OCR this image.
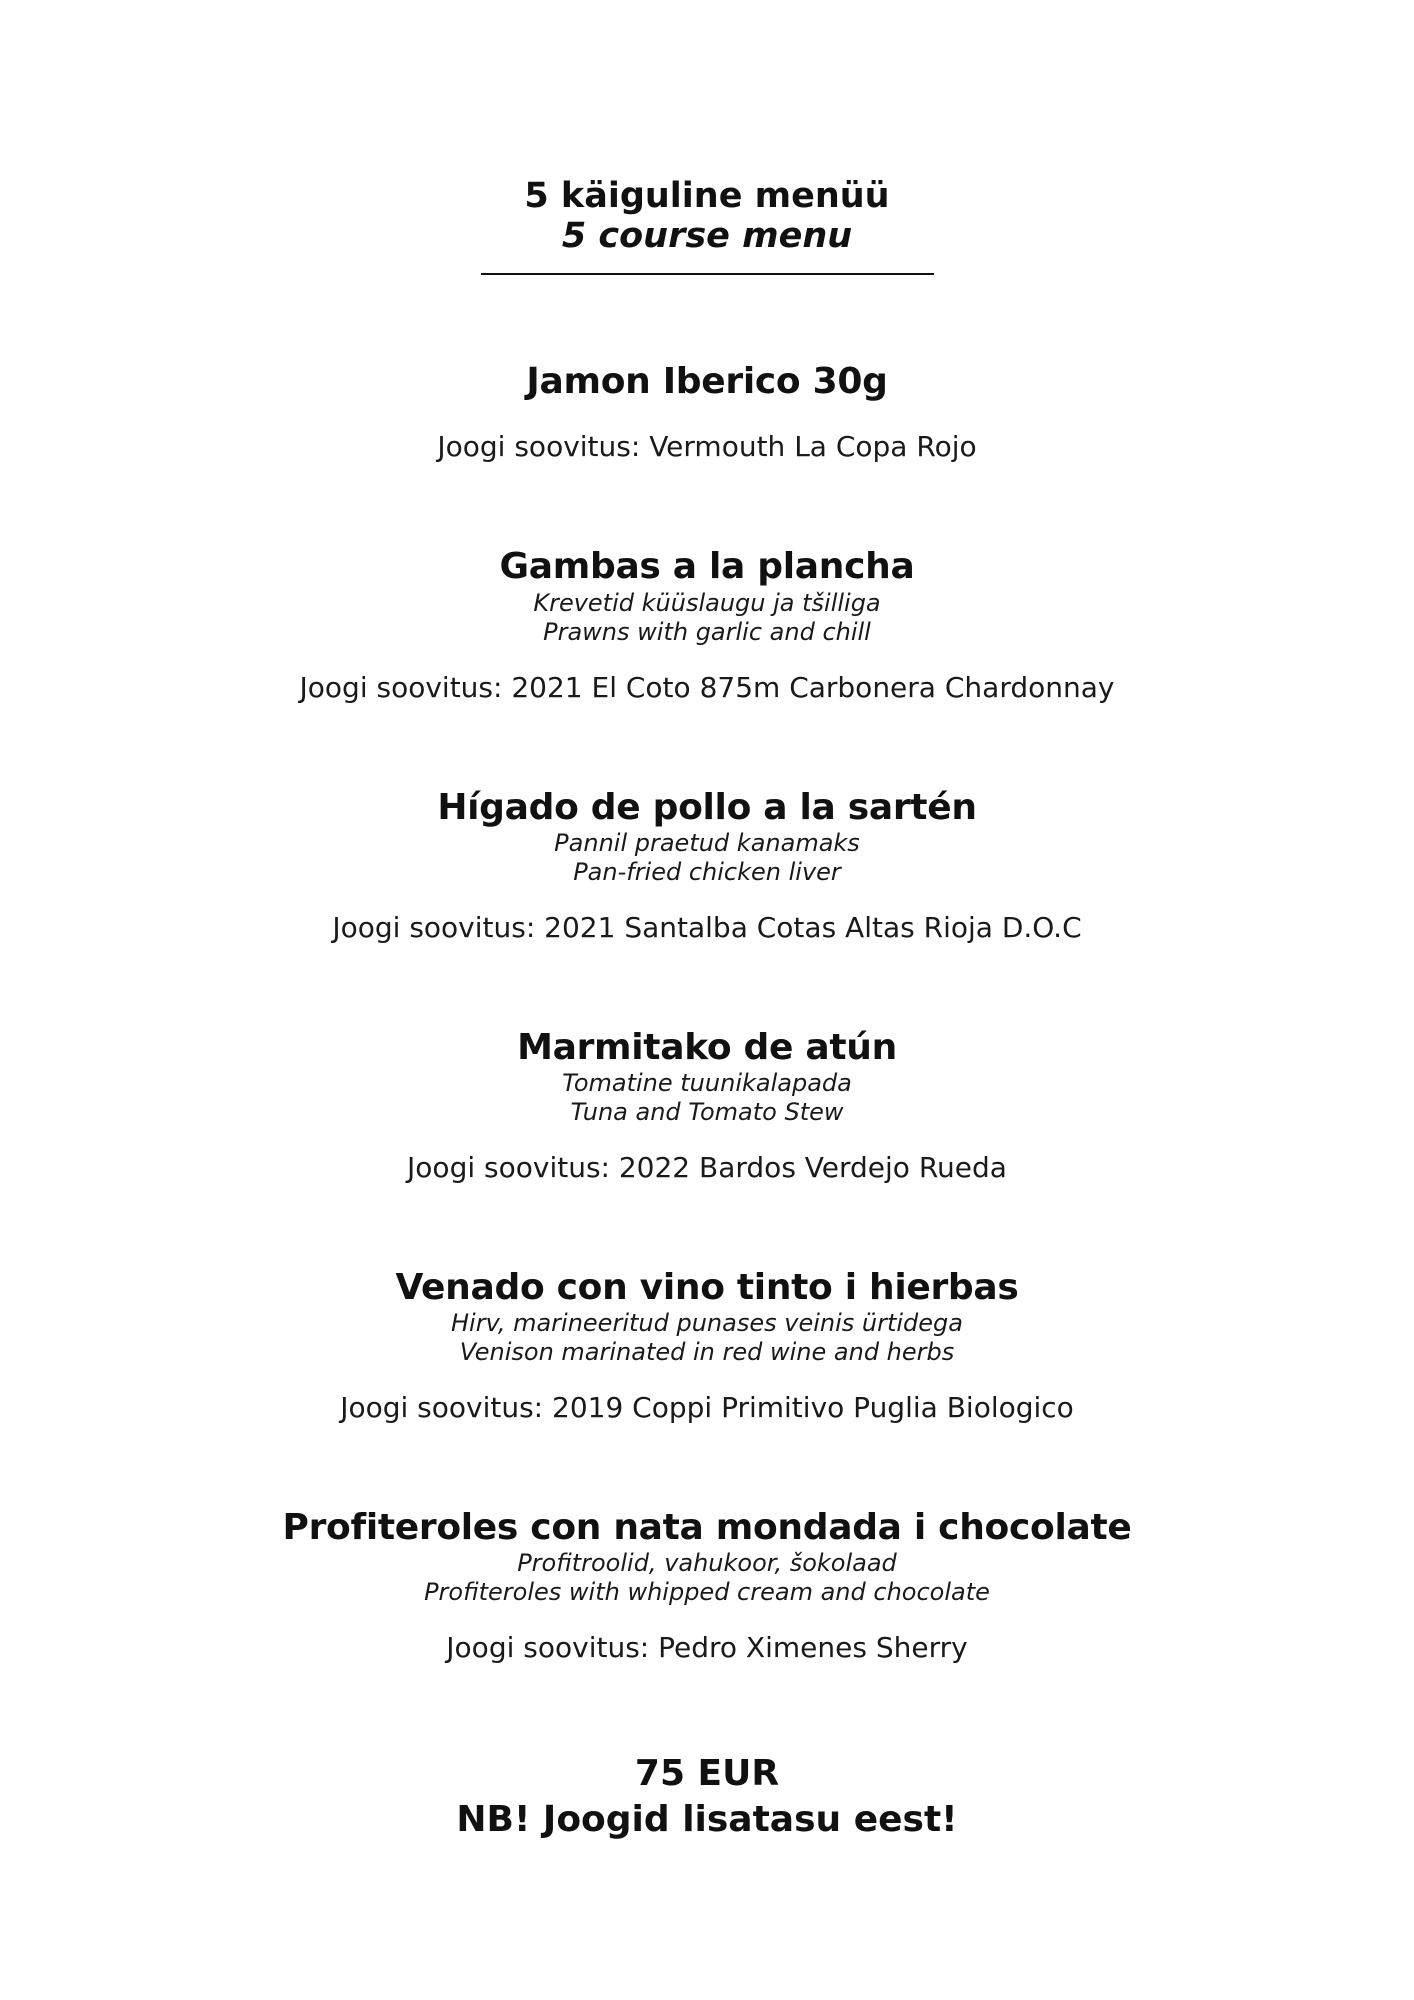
5 käiguline menüü
5 course menu
Jamon Iberico 30g
Joogi soovitus: Vermouth La Copa Rojo
Gambas a la plancha
Krevetid küüslaugu ja tšilliga
Prawns with garlic and chill
Joogi soovitus: 2021 El Coto 875m Carbonera Chardonnay
Hígado de pollo a la sartén
Pannil praetud kanamaks
Pan-fried chicken liver
Joogi soovitus: 2021 Santalba Cotas Altas Rioja D.O.C
Marmitako de atún
Tomatine tuunikalapada
Tuna and Tomato Stew
Joogi soovitus: 2022 Bardos Verdejo Rueda
Venado con vino tinto i hierbas
Hirv, marineeritud punases veinis ürtidega
Venison marinated in red wine and herbs
Joogi soovitus: 2019 Coppi Primitivo Puglia Biologico
Profiteroles con nata mondada i chocolate
Profitroolid, vahukoor, šokolaad
Profiteroles with whipped cream and chocolate
Joogi soovitus: Pedro Ximenes Sherry
75 EUR
NB! Joogid lisatasu eest!
